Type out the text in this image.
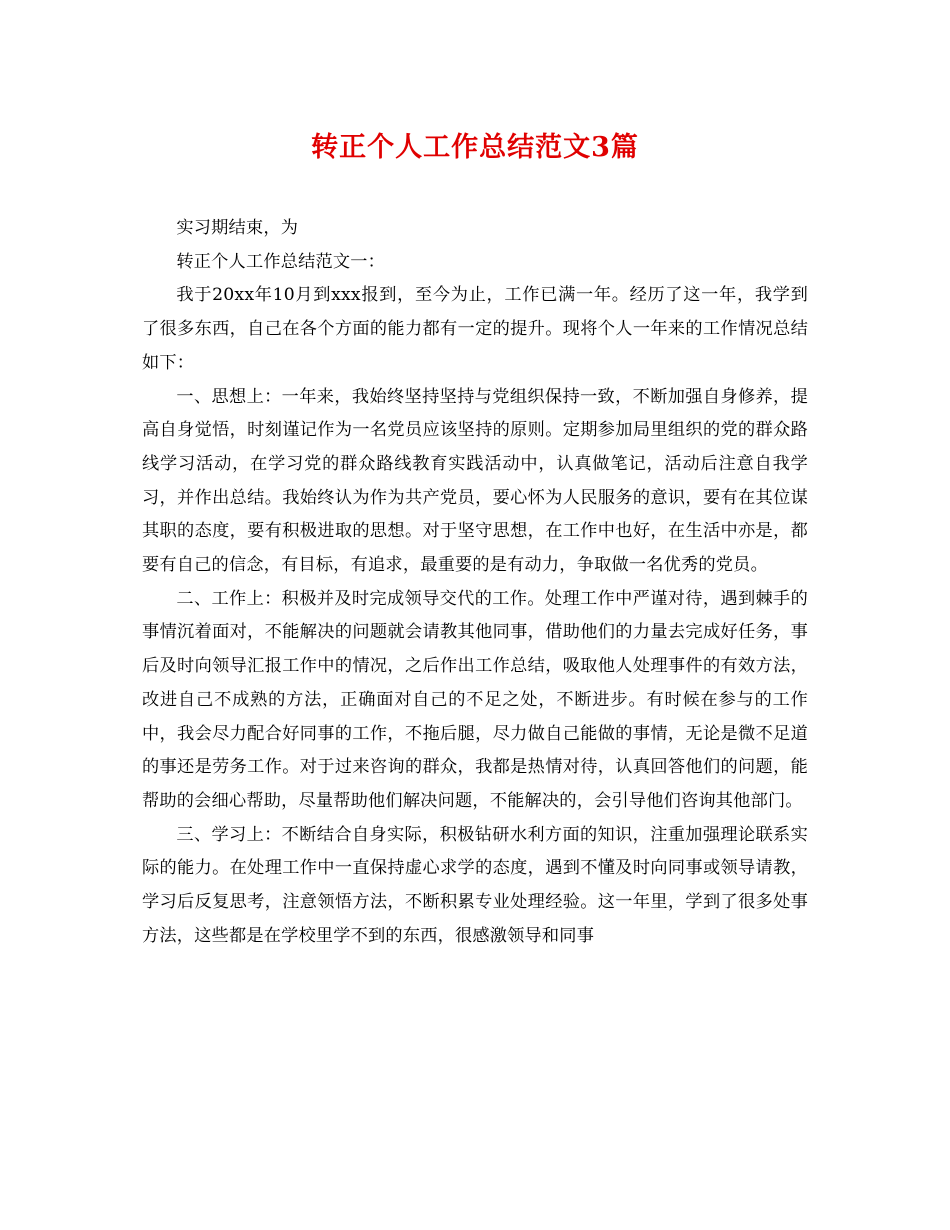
转正个人工作总结范文3篇

实习期结束，为

转正个人工作总结范文一：

我于20xx年10月到xxx报到，至今为止，工作已满一年。经历了这一年，我学到了很多东西，自己在各个方面的能力都有一定的提升。现将个人一年来的工作情况总结如下：

一、思想上：一年来，我始终坚持坚持与党组织保持一致，不断加强自身修养，提高自身觉悟，时刻谨记作为一名党员应该坚持的原则。定期参加局里组织的党的群众路线学习活动，在学习党的群众路线教育实践活动中，认真做笔记，活动后注意自我学习，并作出总结。我始终认为作为共产党员，要心怀为人民服务的意识，要有在其位谋其职的态度，要有积极进取的思想。对于坚守思想，在工作中也好，在生活中亦是，都要有自己的信念，有目标，有追求，最重要的是有动力，争取做一名优秀的党员。

二、工作上：积极并及时完成领导交代的工作。处理工作中严谨对待，遇到棘手的事情沉着面对，不能解决的问题就会请教其他同事，借助他们的力量去完成好任务，事后及时向领导汇报工作中的情况，之后作出工作总结，吸取他人处理事件的有效方法，改进自己不成熟的方法，正确面对自己的不足之处，不断进步。有时候在参与的工作中，我会尽力配合好同事的工作，不拖后腿，尽力做自己能做的事情，无论是微不足道的事还是劳务工作。对于过来咨询的群众，我都是热情对待，认真回答他们的问题，能帮助的会细心帮助，尽量帮助他们解决问题，不能解决的，会引导他们咨询其他部门。

三、学习上：不断结合自身实际，积极钻研水利方面的知识，注重加强理论联系实际的能力。在处理工作中一直保持虚心求学的态度，遇到不懂及时向同事或领导请教，学习后反复思考，注意领悟方法，不断积累专业处理经验。这一年里，学到了很多处事方法，这些都是在学校里学不到的东西，很感激领导和同事
